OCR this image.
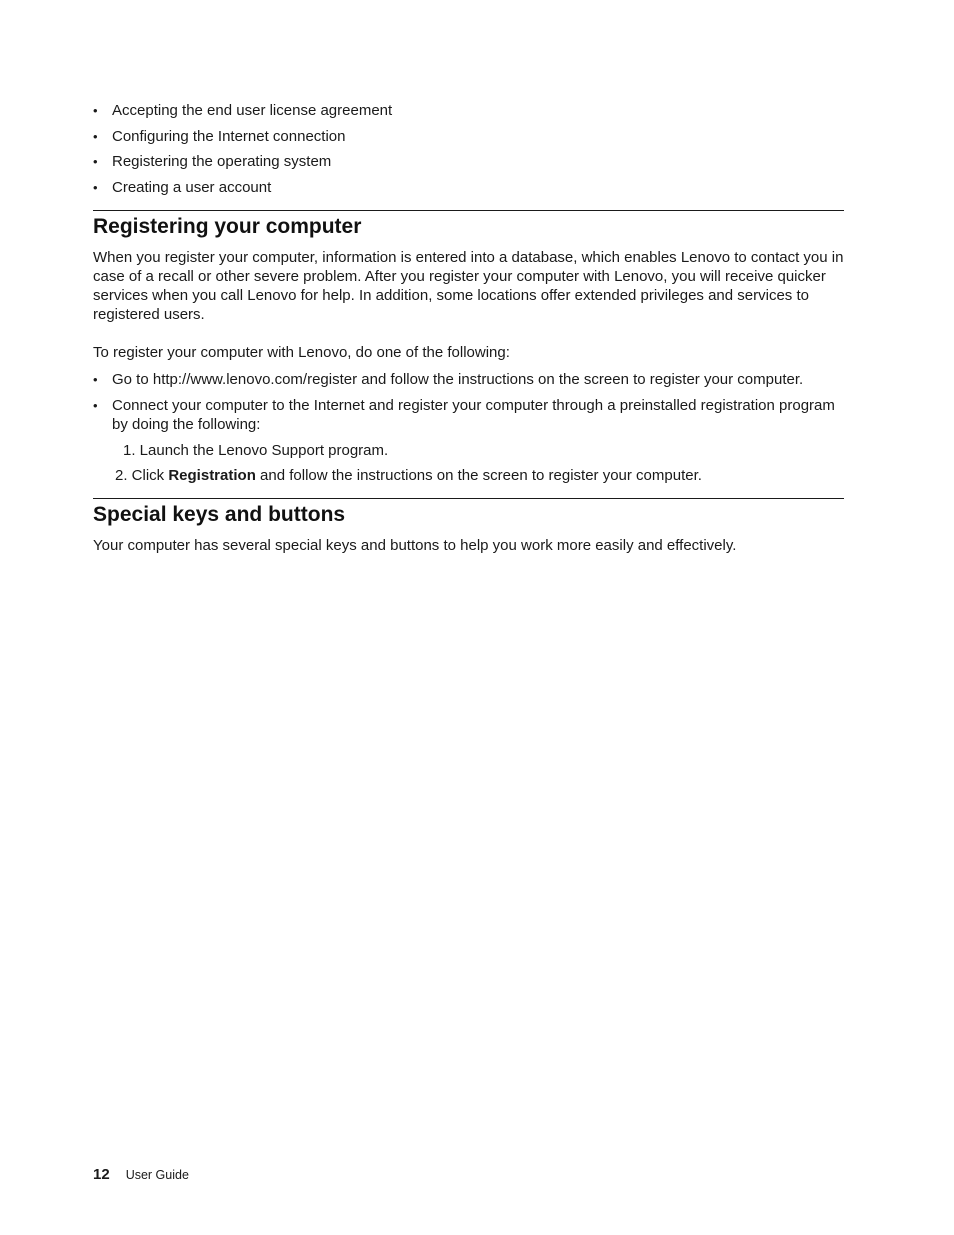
• Accepting the end user license agreement
• Configuring the Internet connection
• Registering the operating system
• Creating a user account
Registering your computer

When you register your computer, information is entered into a database, which enables Lenovo to contact you in case of a recall or other severe problem. After you register your computer with Lenovo, you will receive quicker services when you call Lenovo for help. In addition, some locations offer extended privileges and services to registered users.

To register your computer with Lenovo, do one of the following:

• Go to http://www.lenovo.com/register and follow the instructions on the screen to register your computer.
• Connect your computer to the Internet and register your computer through a preinstalled registration program by doing the following:
1. Launch the Lenovo Support program.
2. Click Registration and follow the instructions on the screen to register your computer.
Special keys and buttons

Your computer has several special keys and buttons to help you work more easily and effectively.

12 User Guide
